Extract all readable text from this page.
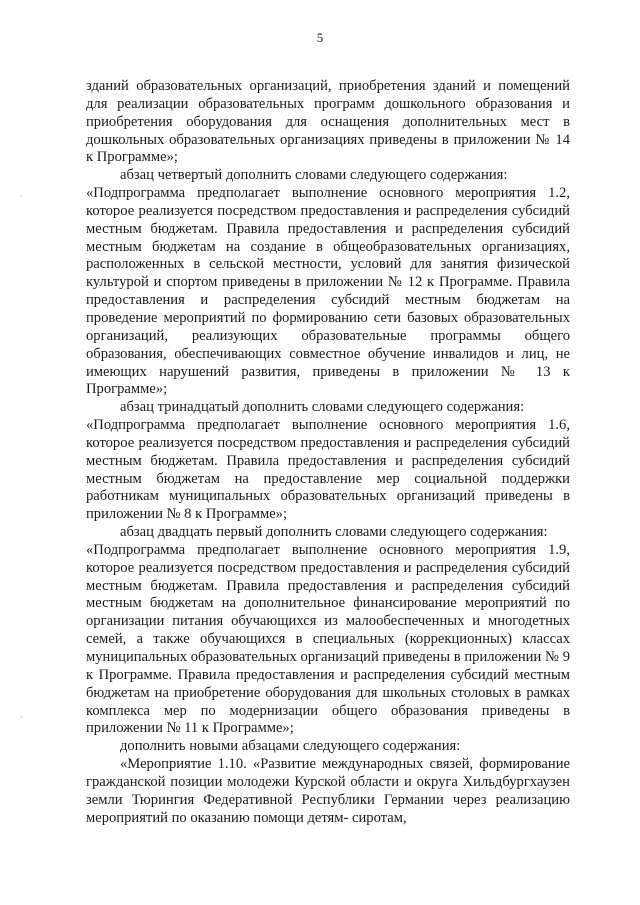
5

зданий образовательных организаций, приобретения зданий и помещений для реализации образовательных программ дошкольного образования и приобретения оборудования для оснащения дополнительных мест в дошкольных образовательных организациях приведены в приложении № 14 к Программе»;

абзац четвертый дополнить словами следующего содержания:

«Подпрограмма предполагает выполнение основного мероприятия 1.2, которое реализуется посредством предоставления и распределения субсидий местным бюджетам. Правила предоставления и распределения субсидий местным бюджетам на создание в общеобразовательных организациях, расположенных в сельской местности, условий для занятия физической культурой и спортом приведены в приложении № 12 к Программе. Правила предоставления и распределения субсидий местным бюджетам на проведение мероприятий по формированию сети базовых образовательных организаций, реализующих образовательные программы общего образования, обеспечивающих совместное обучение инвалидов и лиц, не имеющих нарушений развития, приведены в приложении № 13 к Программе»;

абзац тринадцатый дополнить словами следующего содержания:

«Подпрограмма предполагает выполнение основного мероприятия 1.6, которое реализуется посредством предоставления и распределения субсидий местным бюджетам. Правила предоставления и распределения субсидий местным бюджетам на предоставление мер социальной поддержки работникам муниципальных образовательных организаций приведены в приложении № 8 к Программе»;

абзац двадцать первый дополнить словами следующего содержания:

«Подпрограмма предполагает выполнение основного мероприятия 1.9, которое реализуется посредством предоставления и распределения субсидий местным бюджетам. Правила предоставления и распределения субсидий местным бюджетам на дополнительное финансирование мероприятий по организации питания обучающихся из малообеспеченных и многодетных семей, а также обучающихся в специальных (коррекционных) классах муниципальных образовательных организаций приведены в приложении № 9 к Программе. Правила предоставления и распределения субсидий местным бюджетам на приобретение оборудования для школьных столовых в рамках комплекса мер по модернизации общего образования приведены в приложении № 11 к Программе»;

дополнить новыми абзацами следующего содержания:

«Мероприятие 1.10. «Развитие международных связей, формирование гражданской позиции молодежи Курской области и округа Хильдбургхаузен земли Тюрингия Федеративной Республики Германии через реализацию мероприятий по оказанию помощи детям- сиротам,

·
·
